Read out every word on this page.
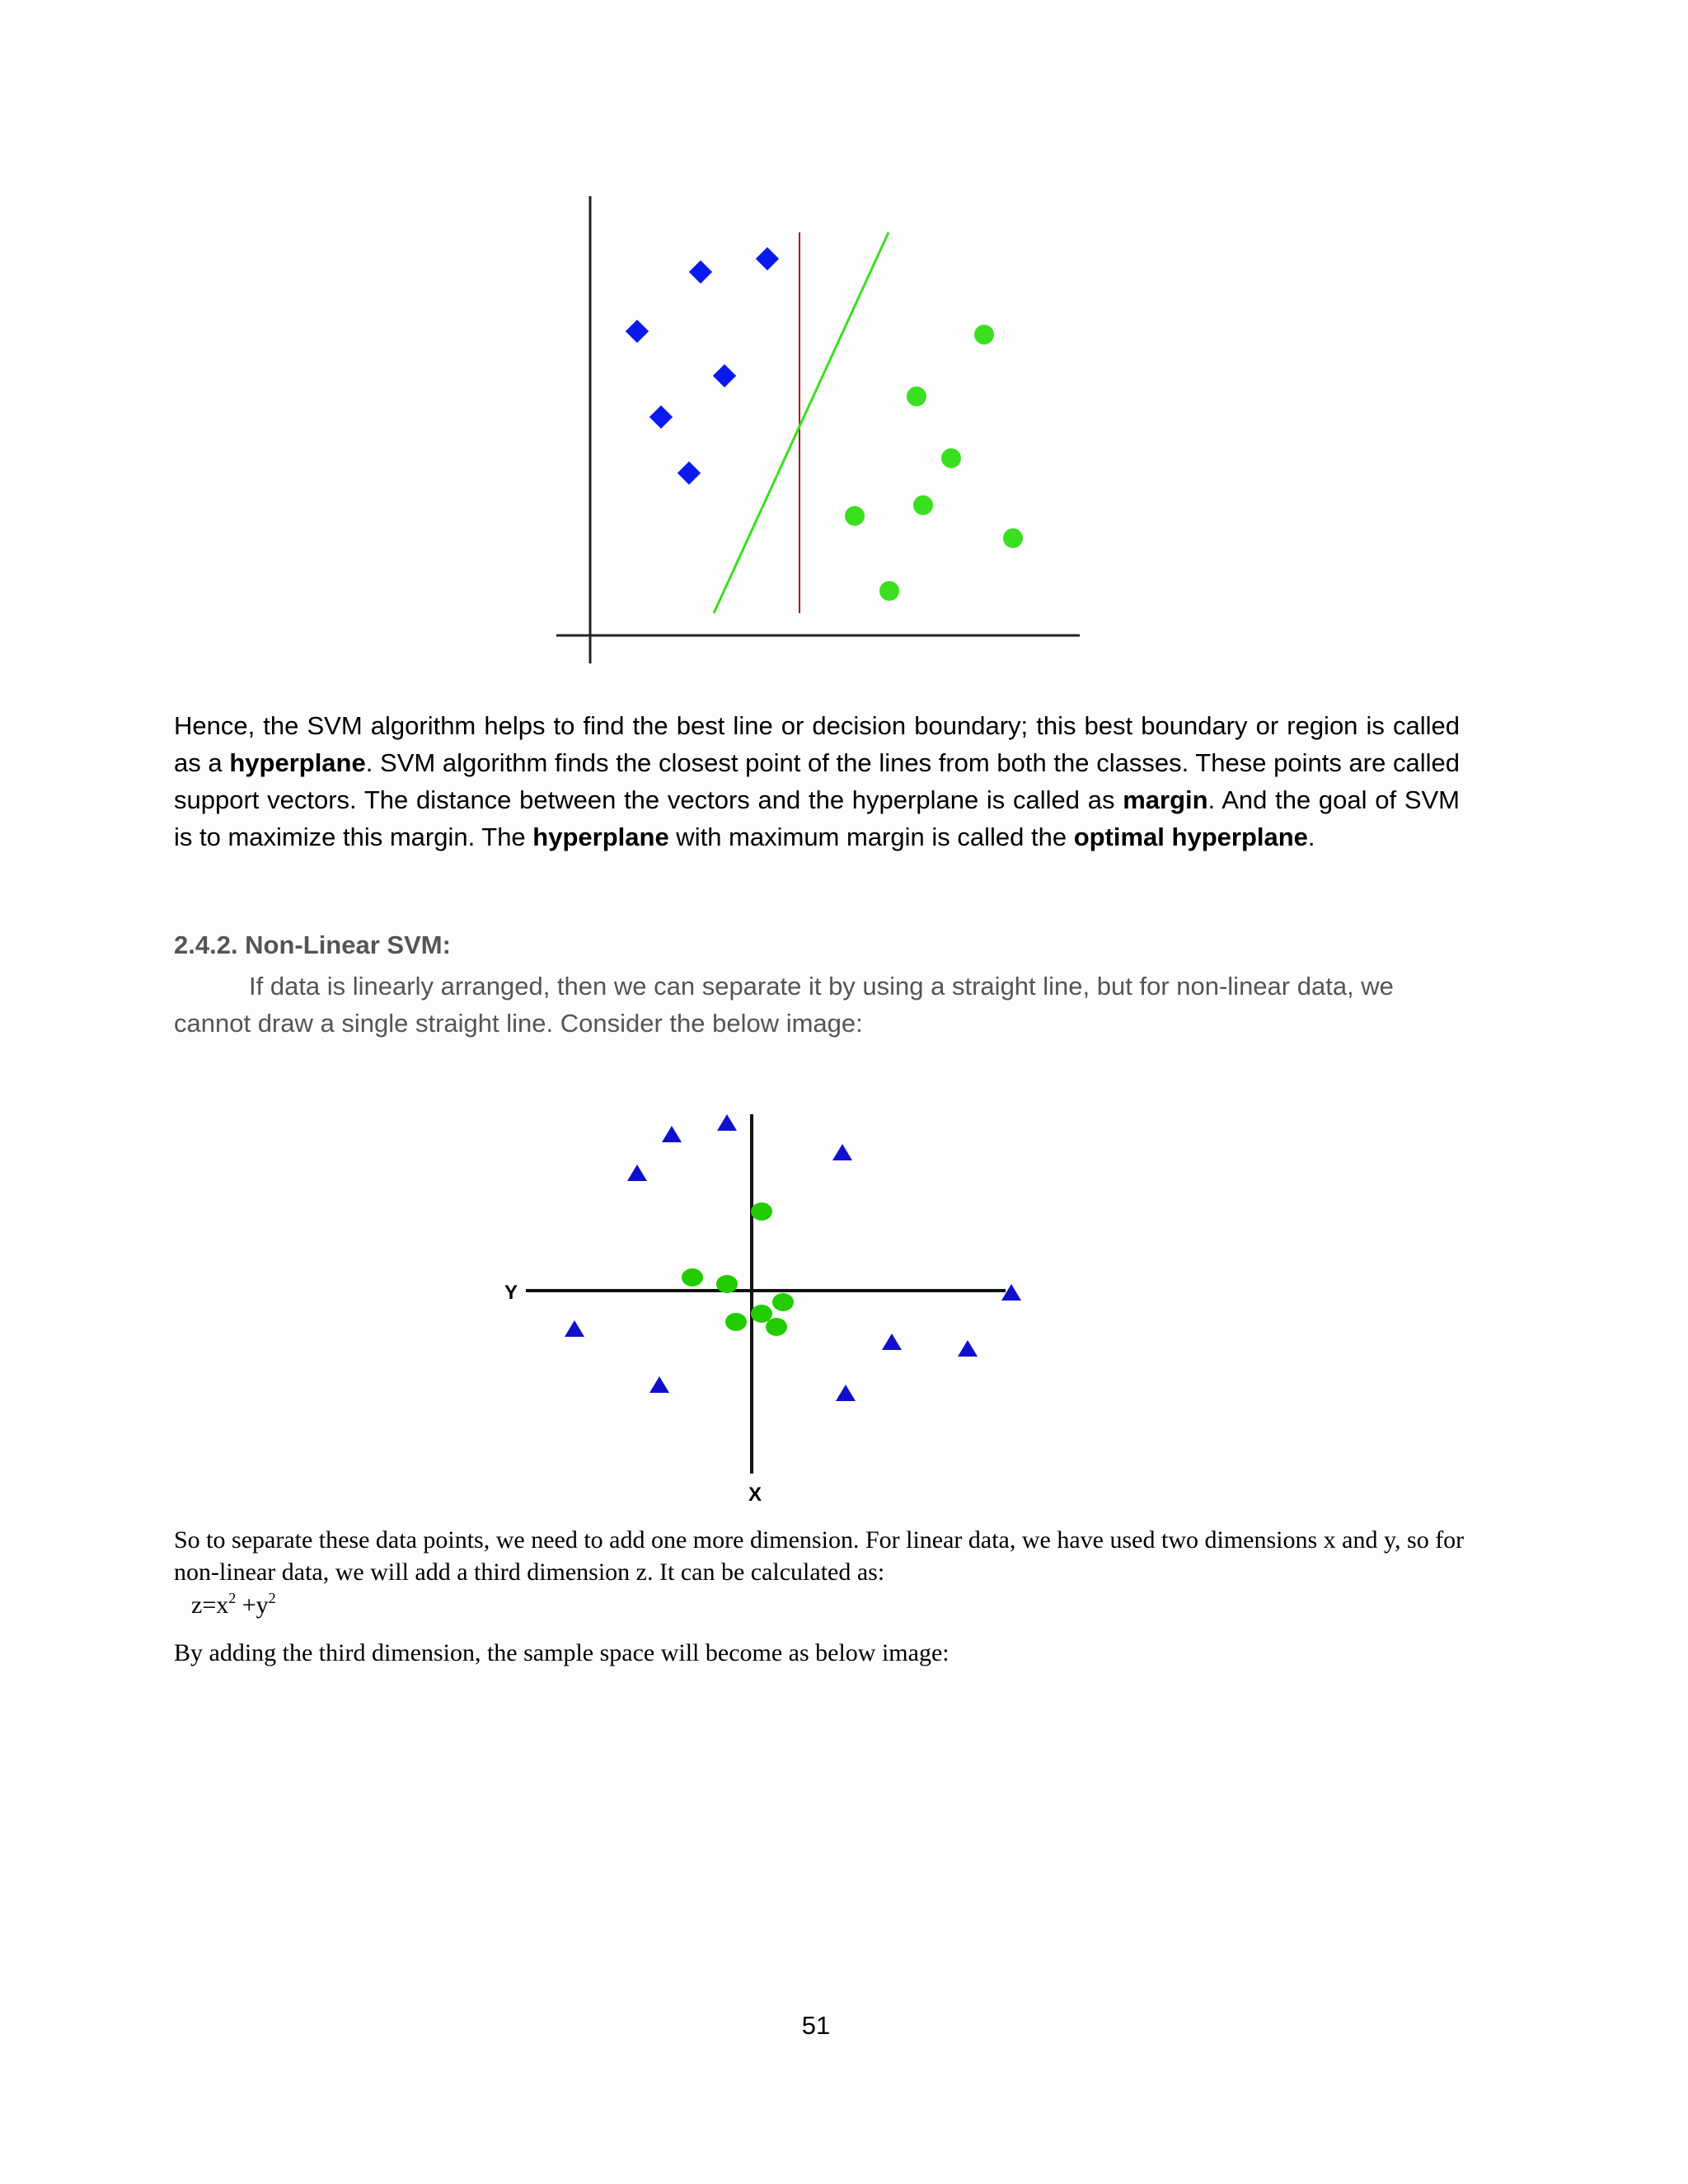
Hence, the SVM algorithm helps to find the best line or decision boundary; this best boundary or region is called as a hyperplane. SVM algorithm finds the closest point of the lines from both the classes. These points are called support vectors. The distance between the vectors and the hyperplane is called as margin. And the goal of SVM is to maximize this margin. The hyperplane with maximum margin is called the optimal hyperplane.
2.4.2. Non-Linear SVM:
If data is linearly arranged, then we can separate it by using a straight line, but for non-linear data, we cannot draw a single straight line. Consider the below image:
Y
X
So to separate these data points, we need to add one more dimension. For linear data, we have used two dimensions x and y, so for non-linear data, we will add a third dimension z. It can be calculated as:
$z=x^2 +y^2$
By adding the third dimension, the sample space will become as below image:
51
